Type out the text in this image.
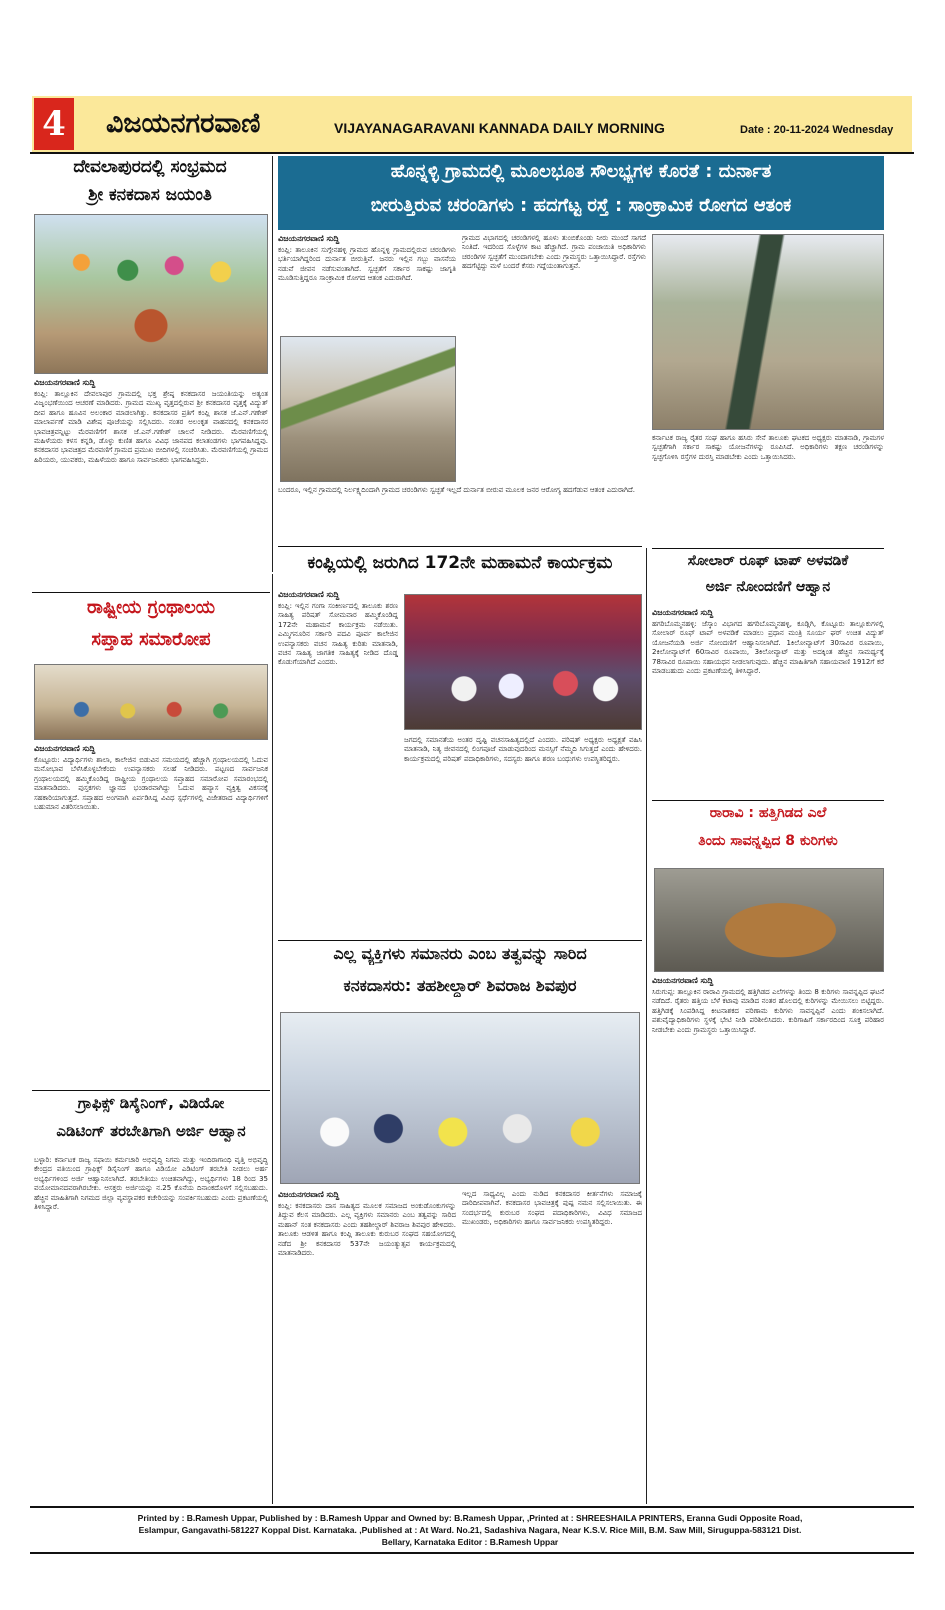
4	ವಿಜಯನಗರವಾಣಿ	VIJAYANAGARAVANI KANNADA DAILY MORNING	Date : 20-11-2024 Wednesday
ದೇವಲಾಪುರದಲ್ಲಿ ಸಂಭ್ರಮದ
ಶ್ರೀ ಕನಕದಾಸ ಜಯಂತಿ
ವಿಜಯನಗರವಾಣಿ ಸುದ್ದಿ
ಕಂಪ್ಲಿ: ತಾಲ್ಲೂಕಿನ ದೇವಲಾಪುರ ಗ್ರಾಮದಲ್ಲಿ ಭಕ್ತ ಶ್ರೇಷ್ಠ ಕನಕದಾಸರ ಜಯಂತಿಯನ್ನು ಅತ್ಯಂತ ವಿಜೃಂಭಣೆಯಿಂದ ಆಚರಣೆ ಮಾಡಿದರು. ಗ್ರಾಮದ ಮುಖ್ಯ ವೃತ್ತದಲ್ಲಿರುವ ಶ್ರೀ ಕನಕದಾಸರ ವೃತ್ತಕ್ಕೆ ವಿದ್ಯುತ್ ದೀಪ ಹಾಗೂ ಹೂವಿನ ಅಲಂಕಾರ ಮಾಡಲಾಗಿತ್ತು. ಕನಕದಾಸರ ಪ್ರತಿಗೆ ಕಂಪ್ಲಿ ಶಾಸಕ ಜೆ.ಎನ್.ಗಣೇಶ್ ಮಾಲಾರ್ಪಣೆ ಮಾಡಿ ವಿಶೇಷ ಪೂಜೆಯನ್ನು ಸಲ್ಲಿಸಿದರು. ನಂತರ ಅಲಂಕೃತ ವಾಹನದಲ್ಲಿ ಕನಕದಾಸರ ಭಾವಚಿತ್ರವನ್ನಿಟ್ಟು ಮೆರವಣಿಗೆಗೆ ಶಾಸಕ ಜೆ.ಎನ್.ಗಣೇಶ್ ಚಾಲನೆ ನೀಡಿದರು. ಮೆರವಣಿಗೆಯಲ್ಲಿ ಮಹಿಳೆಯರು ಕಳಸ ಕನ್ನಡಿ, ಡೊಳ್ಳು ಕುಣಿತ ಹಾಗೂ ವಿವಿಧ ಜಾನಪದ ಕಲಾತಂಡಗಳು ಭಾಗವಹಿಸಿದ್ದವು. ಕನಕದಾಸರ ಭಾವಚಿತ್ರದ ಮೆರವಣಿಗೆ ಗ್ರಾಮದ ಪ್ರಮುಖ ಬೀದಿಗಳಲ್ಲಿ ಸಂಚರಿಸಿತು. ಮೆರವಣಿಗೆಯಲ್ಲಿ ಗ್ರಾಮದ ಹಿರಿಯರು, ಯುವಕರು, ಮಹಿಳೆಯರು ಹಾಗೂ ಸಾರ್ವಜನಿಕರು ಭಾಗವಹಿಸಿದ್ದರು.
ರಾಷ್ಟ್ರೀಯ ಗ್ರಂಥಾಲಯ
ಸಪ್ತಾಹ ಸಮಾರೋಪ
ವಿಜಯನಗರವಾಣಿ ಸುದ್ದಿ
ಕೊಟ್ಟೂರು: ವಿದ್ಯಾರ್ಥಿಗಳು ಶಾಲಾ, ಕಾಲೇಜಿನ ಬಿಡುವಿನ ಸಮಯದಲ್ಲಿ ಹೆಚ್ಚಾಗಿ ಗ್ರಂಥಾಲಯದಲ್ಲಿ ಓದುವ ಮನೋಭಾವ ಬೆಳೆಸಿಕೊಳ್ಳಬೇಕೆಂದು ಉಪನ್ಯಾಸಕರು ಸಲಹೆ ನೀಡಿದರು. ಪಟ್ಟಣದ ಸಾರ್ವಜನಿಕ ಗ್ರಂಥಾಲಯದಲ್ಲಿ ಹಮ್ಮಿಕೊಂಡಿದ್ದ ರಾಷ್ಟ್ರೀಯ ಗ್ರಂಥಾಲಯ ಸಪ್ತಾಹದ ಸಮಾರೋಪ ಸಮಾರಂಭದಲ್ಲಿ ಮಾತನಾಡಿದರು. ಪುಸ್ತಕಗಳು ಜ್ಞಾನದ ಭಂಡಾರವಾಗಿದ್ದು ಓದುವ ಹವ್ಯಾಸ ವ್ಯಕ್ತಿತ್ವ ವಿಕಸನಕ್ಕೆ ಸಹಕಾರಿಯಾಗುತ್ತದೆ. ಸಪ್ತಾಹದ ಅಂಗವಾಗಿ ಏರ್ಪಡಿಸಿದ್ದ ವಿವಿಧ ಸ್ಪರ್ಧೆಗಳಲ್ಲಿ ವಿಜೇತರಾದ ವಿದ್ಯಾರ್ಥಿಗಳಿಗೆ ಬಹುಮಾನ ವಿತರಿಸಲಾಯಿತು.
ಗ್ರಾಫಿಕ್ಸ್ ಡಿಸೈನಿಂಗ್, ವಿಡಿಯೋ
ಎಡಿಟಿಂಗ್ ತರಬೇತಿಗಾಗಿ ಅರ್ಜಿ ಆಹ್ವಾನ
ಬಳ್ಳಾರಿ: ಕರ್ನಾಟಕ ರಾಜ್ಯ ಸಫಾಯಿ ಕರ್ಮಚಾರಿ ಅಭಿವೃದ್ಧಿ ನಿಗಮ ಮತ್ತು ಇಂದಿರಾಗಾಂಧಿ ವೃತ್ತಿ ಅಭಿವೃದ್ಧಿ ಕೇಂದ್ರದ ವತಿಯಿಂದ ಗ್ರಾಫಿಕ್ಸ್ ಡಿಸೈನಿಂಗ್ ಹಾಗೂ ವಿಡಿಯೋ ಎಡಿಟಿಂಗ್ ತರಬೇತಿ ನೀಡಲು ಅರ್ಹ ಅಭ್ಯರ್ಥಿಗಳಿಂದ ಅರ್ಜಿ ಆಹ್ವಾನಿಸಲಾಗಿದೆ. ತರಬೇತಿಯು ಉಚಿತವಾಗಿದ್ದು, ಅಭ್ಯರ್ಥಿಗಳು 18 ರಿಂದ 35 ವಯೋಮಾನದವರಾಗಿರಬೇಕು. ಆಸಕ್ತರು ಅರ್ಜಿಯನ್ನು ನ.25 ಕೊನೆಯ ದಿನಾಂಕದೊಳಗೆ ಸಲ್ಲಿಸಬಹುದು. ಹೆಚ್ಚಿನ ಮಾಹಿತಿಗಾಗಿ ನಿಗಮದ ಜಿಲ್ಲಾ ವ್ಯವಸ್ಥಾಪಕರ ಕಚೇರಿಯನ್ನು ಸಂಪರ್ಕಿಸಬಹುದು ಎಂದು ಪ್ರಕಟಣೆಯಲ್ಲಿ ತಿಳಿಸಿದ್ದಾರೆ.
ಹೊನ್ನಳ್ಳಿ ಗ್ರಾಮದಲ್ಲಿ ಮೂಲಭೂತ ಸೌಲಭ್ಯಗಳ ಕೊರತೆ : ದುರ್ನಾತ
ಬೀರುತ್ತಿರುವ ಚರಂಡಿಗಳು : ಹದಗೆಟ್ಟ ರಸ್ತೆ : ಸಾಂಕ್ರಾಮಿಕ ರೋಗದ ಆತಂಕ
ವಿಜಯನಗರವಾಣಿ ಸುದ್ದಿ
ಕಂಪ್ಲಿ: ತಾಲೂಕಿನ ಸುಗ್ಗೇನಹಳ್ಳಿ ಗ್ರಾಮದ ಹೊನ್ನಳ್ಳಿ ಗ್ರಾಮದಲ್ಲಿರುವ ಚರಂಡಿಗಳು ಭರ್ತಿಯಾಗಿದ್ದರಿಂದ ದುರ್ನಾತ ಬೀರುತ್ತಿವೆ. ಜನರು ಇಲ್ಲಿನ ಗಬ್ಬು ವಾಸನೆಯ ನಡುವೆ ಜೀವನ ನಡೆಸುವಂತಾಗಿದೆ. ಸ್ವಚ್ಛತೆಗೆ ಸರ್ಕಾರ ಸಾಕಷ್ಟು ಜಾಗೃತಿ ಮೂಡಿಸುತ್ತಿದ್ದರೂ ಸಾಂಕ್ರಾಮಿಕ ರೋಗದ ಆತಂಕ ಎದುರಾಗಿದೆ.
ಬಂದರೂ, ಇಲ್ಲಿನ ಗ್ರಾಮದಲ್ಲಿ ನಿರ್ಲಕ್ಷ್ಯದಿಂದಾಗಿ ಗ್ರಾಮದ ಚರಂಡಿಗಳು ಸ್ವಚ್ಛತೆ ಇಲ್ಲದೆ ದುರ್ನಾತ ಬೀರುವ ಮೂಲಕ ಜನರ ಆರೋಗ್ಯ ಹದಗೆಡುವ ಆತಂಕ ಎದುರಾಗಿದೆ.
ಗ್ರಾಮದ ವಿಭಾಗದಲ್ಲಿ ಚರಂಡಿಗಳಲ್ಲಿ ಹೂಳು ತುಂಬಿಕೊಂಡು ನೀರು ಮುಂದೆ ಸಾಗದೆ ನಿಂತಿದೆ. ಇದರಿಂದ ಸೊಳ್ಳೆಗಳ ಕಾಟ ಹೆಚ್ಚಾಗಿದೆ. ಗ್ರಾಮ ಪಂಚಾಯಿತಿ ಅಧಿಕಾರಿಗಳು ಚರಂಡಿಗಳ ಸ್ವಚ್ಛತೆಗೆ ಮುಂದಾಗಬೇಕು ಎಂದು ಗ್ರಾಮಸ್ಥರು ಒತ್ತಾಯಿಸಿದ್ದಾರೆ. ರಸ್ತೆಗಳು ಹದಗೆಟ್ಟಿದ್ದು ಮಳೆ ಬಂದರೆ ಕೆಸರು ಗದ್ದೆಯಂತಾಗುತ್ತವೆ.
ಕರ್ನಾಟಕ ರಾಜ್ಯ ರೈತರ ಸಂಘ ಹಾಗೂ ಹಸಿರು ಸೇನೆ ತಾಲೂಕು ಘಟಕದ ಅಧ್ಯಕ್ಷರು ಮಾತನಾಡಿ, ಗ್ರಾಮಗಳ ಸ್ವಚ್ಛತೆಗಾಗಿ ಸರ್ಕಾರ ಸಾಕಷ್ಟು ಯೋಜನೆಗಳನ್ನು ರೂಪಿಸಿದೆ. ಅಧಿಕಾರಿಗಳು ತಕ್ಷಣ ಚರಂಡಿಗಳನ್ನು ಸ್ವಚ್ಛಗೊಳಿಸಿ ರಸ್ತೆಗಳ ದುರಸ್ತಿ ಮಾಡಬೇಕು ಎಂದು ಒತ್ತಾಯಿಸಿದರು.
ಕಂಪ್ಲಿಯಲ್ಲಿ ಜರುಗಿದ 172ನೇ ಮಹಾಮನೆ ಕಾರ್ಯಕ್ರಮ
ವಿಜಯನಗರವಾಣಿ ಸುದ್ದಿ
ಕಂಪ್ಲಿ: ಇಲ್ಲಿನ ಗಂಗಾ ಸಂಕೀರ್ಣದಲ್ಲಿ ತಾಲೂಕು ಶರಣ ಸಾಹಿತ್ಯ ಪರಿಷತ್ ಸೋಮವಾರ ಹಮ್ಮಿಕೊಂಡಿದ್ದ 172ನೇ ಮಹಾಮನೆ ಕಾರ್ಯಕ್ರಮ ನಡೆಯಿತು. ಎಮ್ಮಿಗನೂರಿನ ಸರ್ಕಾರಿ ಪದವಿ ಪೂರ್ವ ಕಾಲೇಜಿನ ಉಪನ್ಯಾಸಕರು ವಚನ ಸಾಹಿತ್ಯ ಕುರಿತು ಮಾತನಾಡಿ, ವಚನ ಸಾಹಿತ್ಯ ಜಾಗತಿಕ ಸಾಹಿತ್ಯಕ್ಕೆ ನೀಡಿದ ದೊಡ್ಡ ಕೊಡುಗೆಯಾಗಿದೆ ಎಂದರು.
ಜಗದಲ್ಲಿ ಸಮಾನತೆಯ ಅಂತರ ದೃಷ್ಟಿ ವಚನಸಾಹಿತ್ಯದಲ್ಲಿದೆ ಎಂದರು. ಪರಿಷತ್ ಅಧ್ಯಕ್ಷರು ಅಧ್ಯಕ್ಷತೆ ವಹಿಸಿ ಮಾತನಾಡಿ, ನಿತ್ಯ ಜೀವನದಲ್ಲಿ ಲಿಂಗಪೂಜೆ ಮಾಡುವುದರಿಂದ ಮನಸ್ಸಿಗೆ ನೆಮ್ಮದಿ ಸಿಗುತ್ತದೆ ಎಂದು ಹೇಳಿದರು. ಕಾರ್ಯಕ್ರಮದಲ್ಲಿ ಪರಿಷತ್ ಪದಾಧಿಕಾರಿಗಳು, ಸದಸ್ಯರು ಹಾಗೂ ಶರಣ ಬಂಧುಗಳು ಉಪಸ್ಥಿತರಿದ್ದರು.
ಎಲ್ಲ ವ್ಯಕ್ತಿಗಳು ಸಮಾನರು ಎಂಬ ತತ್ವವನ್ನು ಸಾರಿದ
ಕನಕದಾಸರು: ತಹಶೀಲ್ದಾರ್ ಶಿವರಾಜ ಶಿವಪುರ
ವಿಜಯನಗರವಾಣಿ ಸುದ್ದಿ
ಕಂಪ್ಲಿ: ಕನಕದಾಸರು ದಾಸ ಸಾಹಿತ್ಯದ ಮೂಲಕ ಸಮಾಜದ ಅಂಕುಡೊಂಕುಗಳನ್ನು ತಿದ್ದುವ ಕೆಲಸ ಮಾಡಿದರು. ಎಲ್ಲ ವ್ಯಕ್ತಿಗಳು ಸಮಾನರು ಎಂಬ ತತ್ವವನ್ನು ಸಾರಿದ ಮಹಾನ್ ಸಂತ ಕನಕದಾಸರು ಎಂದು ತಹಶೀಲ್ದಾರ್ ಶಿವರಾಜ ಶಿವಪುರ ಹೇಳಿದರು. ತಾಲೂಕು ಆಡಳಿತ ಹಾಗೂ ಕಂಪ್ಲಿ ತಾಲೂಕು ಕುರುಬರ ಸಂಘದ ಸಹಯೋಗದಲ್ಲಿ ನಡೆದ ಶ್ರೀ ಕನಕದಾಸರ 537ನೇ ಜಯಂತ್ಯುತ್ಸವ ಕಾರ್ಯಕ್ರಮದಲ್ಲಿ ಮಾತನಾಡಿದರು.
ಇಲ್ಲದ ಸಾಧ್ಯವಿಲ್ಲ ಎಂದು ನುಡಿದ ಕನಕದಾಸರ ಕೀರ್ತನೆಗಳು ಸಮಾಜಕ್ಕೆ ದಾರಿದೀಪವಾಗಿವೆ. ಕನಕದಾಸರ ಭಾವಚಿತ್ರಕ್ಕೆ ಪುಷ್ಪ ನಮನ ಸಲ್ಲಿಸಲಾಯಿತು. ಈ ಸಂದರ್ಭದಲ್ಲಿ ಕುರುಬರ ಸಂಘದ ಪದಾಧಿಕಾರಿಗಳು, ವಿವಿಧ ಸಮಾಜದ ಮುಖಂಡರು, ಅಧಿಕಾರಿಗಳು ಹಾಗೂ ಸಾರ್ವಜನಿಕರು ಉಪಸ್ಥಿತರಿದ್ದರು.
ಸೋಲಾರ್ ರೂಫ್ ಟಾಪ್ ಅಳವಡಿಕೆ
ಅರ್ಜಿ ನೋಂದಣಿಗೆ ಆಹ್ವಾನ
ವಿಜಯನಗರವಾಣಿ ಸುದ್ದಿ
ಹಗರಿಬೊಮ್ಮನಹಳ್ಳಿ: ಜೆಸ್ಕಾಂ ವಿಭಾಗದ ಹಗರಿಬೊಮ್ಮನಹಳ್ಳಿ, ಕೂಡ್ಲಿಗಿ, ಕೊಟ್ಟೂರು ತಾಲ್ಲೂಕುಗಳಲ್ಲಿ ಸೋಲಾರ್ ರೂಫ್ ಟಾಪ್ ಅಳವಡಿಕೆ ಮಾಡಲು ಪ್ರಧಾನ ಮಂತ್ರಿ ಸೂರ್ಯ ಘರ್ ಉಚಿತ ವಿದ್ಯುತ್ ಯೋಜನೆಯಡಿ ಅರ್ಜಿ ನೋಂದಣಿಗೆ ಆಹ್ವಾನಿಸಲಾಗಿದೆ. 1ಕಿಲೋವ್ಯಾಟ್‌ಗೆ 30ಸಾವಿರ ರೂಪಾಯಿ, 2ಕಿಲೋವ್ಯಾಟ್‌ಗೆ 60ಸಾವಿರ ರೂಪಾಯಿ, 3ಕಿಲೋವ್ಯಾಟ್ ಮತ್ತು ಅದಕ್ಕಿಂತ ಹೆಚ್ಚಿನ ಸಾಮರ್ಥ್ಯಕ್ಕೆ 78ಸಾವಿರ ರೂಪಾಯಿ ಸಹಾಯಧನ ನೀಡಲಾಗುವುದು. ಹೆಚ್ಚಿನ ಮಾಹಿತಿಗಾಗಿ ಸಹಾಯವಾಣಿ 1912ಗೆ ಕರೆ ಮಾಡಬಹುದು ಎಂದು ಪ್ರಕಟಣೆಯಲ್ಲಿ ತಿಳಿಸಿದ್ದಾರೆ.
ರಾರಾವಿ : ಹತ್ತಿಗಿಡದ ಎಲೆ
ತಿಂದು ಸಾವನ್ನಪ್ಪಿದ 8 ಕುರಿಗಳು
ವಿಜಯನಗರವಾಣಿ ಸುದ್ದಿ
ಸಿರುಗುಪ್ಪ: ತಾಲ್ಲೂಕಿನ ರಾರಾವಿ ಗ್ರಾಮದಲ್ಲಿ ಹತ್ತಿಗಿಡದ ಎಲೆಗಳನ್ನು ತಿಂದು 8 ಕುರಿಗಳು ಸಾವನ್ನಪ್ಪಿದ ಘಟನೆ ನಡೆದಿದೆ. ರೈತರು ಹತ್ತಿಯ ಬೆಳೆ ಕಟಾವು ಮಾಡಿದ ನಂತರ ಹೊಲದಲ್ಲಿ ಕುರಿಗಳನ್ನು ಮೇಯಿಸಲು ಬಿಟ್ಟಿದ್ದರು. ಹತ್ತಿಗಿಡಕ್ಕೆ ಸಿಂಪಡಿಸಿದ್ದ ಕೀಟನಾಶಕದ ಪರಿಣಾಮ ಕುರಿಗಳು ಸಾವನ್ನಪ್ಪಿವೆ ಎಂದು ಶಂಕಿಸಲಾಗಿದೆ. ಪಶುವೈದ್ಯಾಧಿಕಾರಿಗಳು ಸ್ಥಳಕ್ಕೆ ಭೇಟಿ ನೀಡಿ ಪರಿಶೀಲಿಸಿದರು. ಕುರಿಗಾಹಿಗೆ ಸರ್ಕಾರದಿಂದ ಸೂಕ್ತ ಪರಿಹಾರ ನೀಡಬೇಕು ಎಂದು ಗ್ರಾಮಸ್ಥರು ಒತ್ತಾಯಿಸಿದ್ದಾರೆ.
Printed by : B.Ramesh Uppar, Published by : B.Ramesh Uppar and Owned by: B.Ramesh Uppar, ,Printed at : SHREESHAILA PRINTERS, Eranna Gudi Opposite Road,
Eslampur, Gangavathi-581227 Koppal Dist. Karnataka. ,Published at : At Ward. No.21, Sadashiva Nagara, Near K.S.V. Rice Mill, B.M. Saw Mill, Siruguppa-583121 Dist.
Bellary, Karnataka Editor : B.Ramesh Uppar
